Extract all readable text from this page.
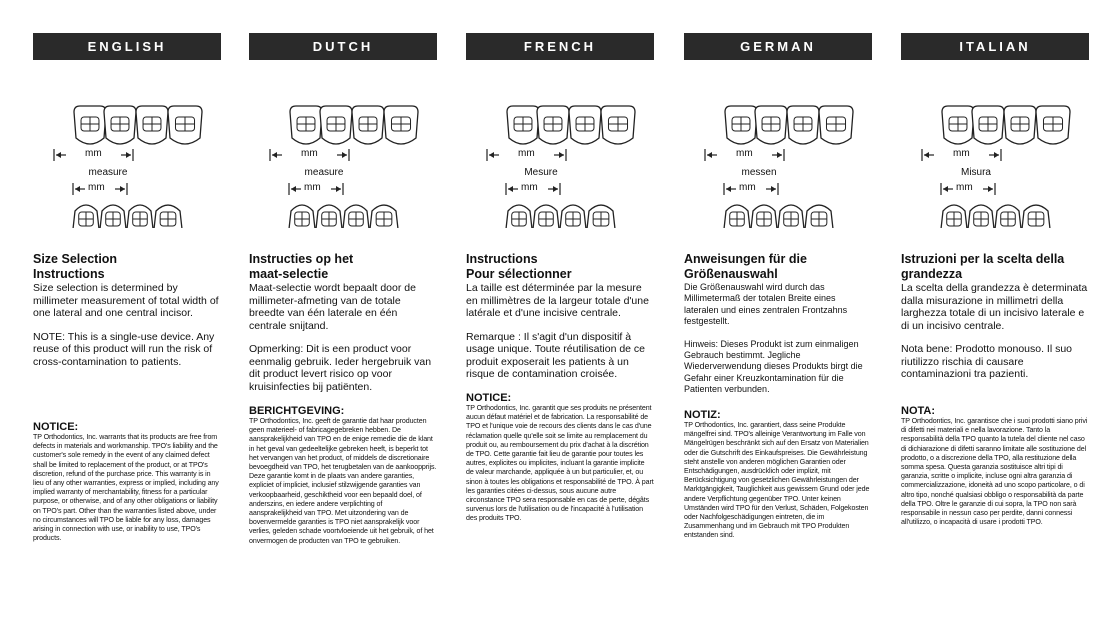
ENGLISH
mm
measure
mm
Size Selection
Instructions

Size selection is determined by millimeter measurement of total width of one lateral and one central incisor.

NOTE: This is a single-use device. Any reuse of this product will run the risk of cross-contamination to patients.

NOTICE:

TP Orthodontics, Inc. warrants that its products are free from defects in materials and workmanship. TPO's liability and the customer's sole remedy in the event of any claimed defect shall be limited to replacement of the product, or at TPO's discretion, refund of the purchase price. This warranty is in lieu of any other warranties, express or implied, including any implied warranty of merchantability, fitness for a particular purpose, or otherwise, and of any other obligations or liability on TPO's part. Other than the warranties listed above, under no circumstances will TPO be liable for any loss, damages arising in connection with use, or inability to use, TPO's products.

DUTCH
mm
measure
mm
Instructies op het
maat-selectie

Maat-selectie wordt bepaalt door de millimeter-afmeting van de totale breedte van één laterale en één centrale snijtand.

Opmerking: Dit is een product voor eenmalig gebruik. Ieder hergebruik van dit product levert risico op voor kruisinfecties bij patiënten.

BERICHTGEVING:

TP Orthodontics, Inc. geeft de garantie dat haar producten geen materieel- of fabricagegebreken hebben. De aansprakelijkheid van TPO en de enige remedie die de klant in het geval van gedeeltelijke gebreken heeft, is beperkt tot het vervangen van het product, of middels de discretionaire bevoegdheid van TPO, het terugbetalen van de aankoopprijs. Deze garantie komt in de plaats van andere garanties, expliciet of impliciet, inclusief stilzwijgende garanties van verkoopbaarheid, geschiktheid voor een bepaald doel, of anderszins, en iedere andere verplichting of aansprakelijkheid van TPO. Met uitzondering van de bovenvermelde garanties is TPO niet aansprakelijk voor verlies, geleden schade voortvloeiende uit het gebruik, of het onvermogen de producten van TPO te gebruiken.

FRENCH
mm
Mesure
mm
Instructions
Pour sélectionner

La taille est déterminée par la mesure en millimètres de la largeur totale d'une latérale et d'une incisive centrale.

Remarque : Il s'agit d'un dispositif à usage unique. Toute réutilisation de ce produit exposerait les patients à un risque de contamination croisée.

NOTICE:

TP Orthodontics, Inc. garantit que ses produits ne présentent aucun défaut matériel et de fabrication. La responsabilité de TPO et l'unique voie de recours des clients dans le cas d'une réclamation quelle qu'elle soit se limite au remplacement du produit ou, au remboursement du prix d'achat à la discrétion de TPO. Cette garantie fait lieu de garantie pour toutes les autres, explicites ou implicites, incluant la garantie implicite de valeur marchande, appliquée à un but particulier, et, ou sinon à toutes les obligations et responsabilité de TPO. À part les garanties citées ci-dessus, sous aucune autre circonstance TPO sera responsable en cas de perte, dégâts survenus lors de l'utilisation ou de l'incapacité à l'utilisation des produits TPO.

GERMAN
mm
messen
mm
Anweisungen für die
Größenauswahl

Die Größenauswahl wird durch das Millimetermaß der totalen Breite eines lateralen und eines zentralen Frontzahns festgestellt.

Hinweis: Dieses Produkt ist zum einmaligen Gebrauch bestimmt. Jegliche Wiederverwendung dieses Produkts birgt die Gefahr einer Kreuzkontamination für die Patienten verbunden.

NOTIZ:

TP Orthodontics, Inc. garantiert, dass seine Produkte mängelfrei sind. TPO's alleinige Verantwortung im Falle von Mängelrügen beschränkt sich auf den Ersatz von Materialien oder die Gutschrift des Einkaufspreises. Die Gewährleistung steht anstelle von anderen möglichen Garantien oder Entschädigungen, ausdrücklich oder implizit, mit Berücksichtigung von gesetzlichen Gewährleistungen der Marktgängigkeit, Tauglichkeit aus gewissem Grund oder jede andere Verpflichtung gegenüber TPO. Unter keinen Umständen wird TPO für den Verlust, Schäden, Folgekosten oder Nachfolgeschädigungen eintreten, die im Zusammenhang und im Gebrauch mit TPO Produkten entstanden sind.

ITALIAN
mm
Misura
mm
Istruzioni per la scelta della
grandezza

La scelta della grandezza è determinata dalla misurazione in millimetri della larghezza totale di un incisivo laterale e di un incisivo centrale.

Nota bene: Prodotto monouso. Il suo riutilizzo rischia di causare contaminazioni tra pazienti.

NOTA:

TP Orthodontics, Inc. garantisce che i suoi prodotti siano privi di difetti nei materiali e nella lavorazione. Tanto la responsabilità della TPO quanto la tutela del cliente nel caso di dichiarazione di difetti saranno limitate alle sostituzione del prodotto, o a discrezione della TPO, alla restituzione della somma spesa. Questa garanzia sostituisce altri tipi di garanzia, scritte o implicite, incluse ogni altra garanzia di commercializzazione, idoneità ad uno scopo particolare, o di altro tipo, nonché qualsiasi obbligo o responsabilità da parte della TPO. Oltre le garanzie di cui sopra, la TPO non sarà responsabile in nessun caso per perdite, danni connessi all'utilizzo, o incapacità di usare i prodotti TPO.
